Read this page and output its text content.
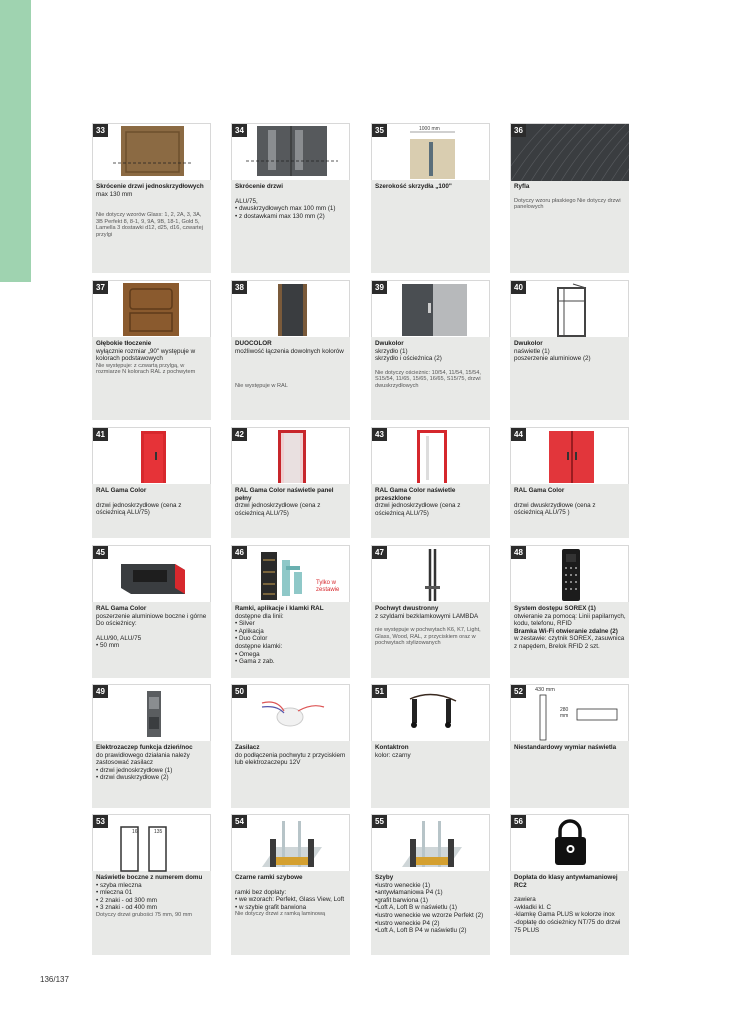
33
Skrócenie drzwi jednoskrzydłowych
max 130 mm
Nie dotyczy wzorów Glass: 1, 2, 2A, 3, 3A, 3B Perfekt 8, 8-1, 9, 9A, 9B, 18-1, Gold 5, Lamella 3 dostawki d12, d25, d16, czwartej przylgi
34
Skrócenie drzwi
ALU/75,
• dwuskrzydłowych max 100 mm (1)
• z dostawkami max 130 mm (2)
1000 mm
35
Szerokość skrzydła „100"
36
Ryfla
Dotyczy wzoru płaskiego Nie dotyczy drzwi panelowych
37
Głębokie tłoczenie
wyłącznie rozmiar „90" występuje w kolorach podstawowych
Nie występuje: z czwartą przylgą, w rozmiarze N kolorach RAL z pochwytem
38
DUOCOLOR
możliwość łączenia dowolnych kolorów
Nie występuje w RAL
39
Dwukolor
skrzydło (1)
skrzydło i ościeżnica (2)
Nie dotyczy ościeżnic: 10/54, 11/54, 15/54, S15/54, 11/65, 15/65, 16/65, S15/75, drzwi dwuskrzydłowych
40
Dwukolor
naświetle (1)
poszerzenie aluminiowe (2)
41
RAL Gama Color
drzwi jednoskrzydłowe (cena z ościeżnicą ALU/75)
42
RAL Gama Color naświetle panel pełny
drzwi jednoskrzydłowe (cena z ościeżnicą ALU/75)
43
RAL Gama Color naświetle przeszklone
drzwi jednoskrzydłowe (cena z ościeżnicą ALU/75)
44
RAL Gama Color
drzwi dwuskrzydłowe (cena z ościeżnicą ALU/75 )
45
RAL Gama Color
poszerzenie aluminiowe boczne i górne
Do ościeżnicy:
ALU/90, ALU/75
• 50 mm
Tylko w zestawie
46
Ramki, aplikacje i klamki RAL
dostępne dla linii:
• Silver
• Aplikacja
• Duo Color
dostępne klamki:
• Omega
• Gama z zab.
47
Pochwyt dwustronny
z szyldami bezklamkowymi LAMBDA
nie występuje w pochwytach K6, K7, Light, Glass, Wood, RAL, z przyciskiem oraz w pochwytach stylizowanych
48
System dostępu SOREX (1)
otwieranie za pomocą: Linii papilarnych, kodu, telefonu, RFID
Bramka Wi-Fi otwieranie zdalne (2)
w zestawie: czytnik SOREX, zasuwnica z napędem, Brelok RFID 2 szt.
49
Elektrozaczep funkcja dzień/noc
do prawidłowego działania należy zastosować zasilacz
• drzwi jednoskrzydłowe (1)
• drzwi dwuskrzydłowe (2)
50
Zasilacz
do podłączenia pochwytu z przyciskiem lub elektrozaczepu 12V
51
Kontaktron
kolor: czarny
430 mm
280 mm
52
Niestandardowy wymiar naświetla
16	135
53
Naświetle boczne z numerem domu
• szyba mleczna
• mleczna 01
• 2 znaki - od 300 mm
• 3 znaki - od 400 mm
Dotyczy drzwi grubości 75 mm, 90 mm
54
Czarne ramki szybowe
ramki bez dopłaty:
• we wzorach: Perfekt, Glass View, Loft
• w szybie grafit barwiona
Nie dotyczy drzwi z ramką laminową
55
Szyby
•lustro weneckie (1)
•antywłamaniowa P4 (1)
•grafit barwiona (1)
•Loft A, Loft B w naświetlu (1)
•lustro weneckie we wzorze Perfekt (2)
•lustro weneckie P4 (2)
•Loft A, Loft B P4 w naświetlu (2)
56
Dopłata do klasy antywłamaniowej RC2
zawiera
-wkładki kl. C
-klamkę Gama PLUS w kolorze inox
-dopłatę do ościeżnicy NT/75 do drzwi 75 PLUS
136/137
